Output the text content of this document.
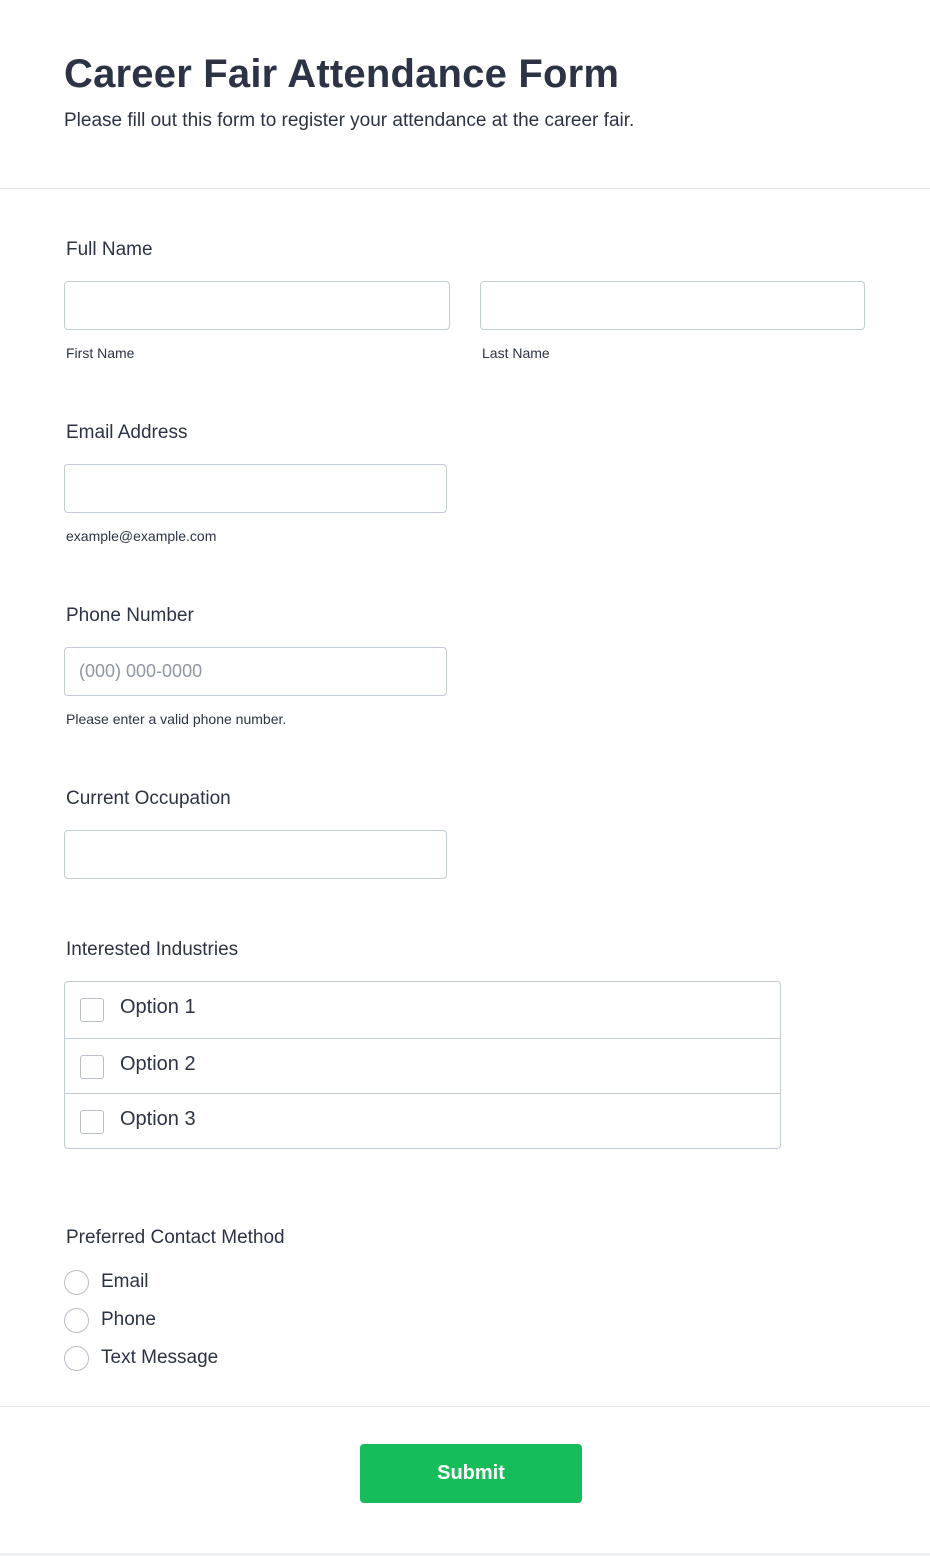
Career Fair Attendance Form
Please fill out this form to register your attendance at the career fair.
Full Name
First Name	Last Name
Email Address
example@example.com
Phone Number
(000) 000-0000
Please enter a valid phone number.
Current Occupation
Interested Industries
Option 1
Option 2
Option 3
Preferred Contact Method
Email
Phone
Text Message
Submit
